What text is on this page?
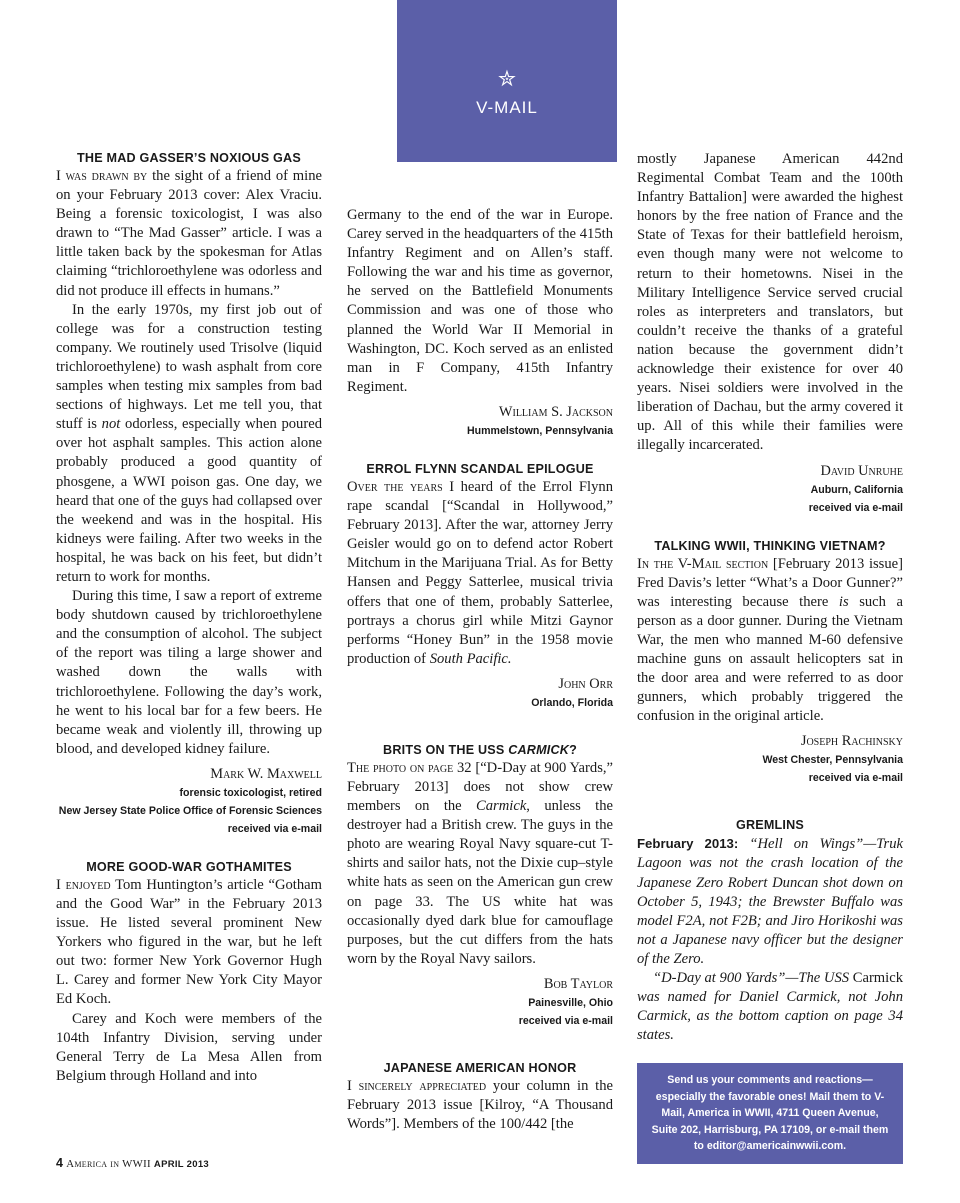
✮
V-MAIL
THE MAD GASSER’S NOXIOUS GAS

I was drawn by the sight of a friend of mine on your February 2013 cover: Alex Vraciu. Being a forensic toxicologist, I was also drawn to “The Mad Gasser” article. I was a little taken back by the spokesman for Atlas claiming “trichloroethylene was odorless and did not produce ill effects in humans.”

In the early 1970s, my first job out of college was for a construction testing company. We routinely used Trisolve (liquid trichloroethylene) to wash asphalt from core samples when testing mix samples from bad sections of highways. Let me tell you, that stuff is not odorless, especially when poured over hot asphalt samples. This action alone probably produced a good quantity of phosgene, a WWI poison gas. One day, we heard that one of the guys had collapsed over the weekend and was in the hospital. His kidneys were failing. After two weeks in the hospital, he was back on his feet, but didn’t return to work for months.

During this time, I saw a report of extreme body shutdown caused by trichloroethylene and the consumption of alcohol. The subject of the report was tiling a large shower and washed down the walls with trichloroethylene. Following the day’s work, he went to his local bar for a few beers. He became weak and violently ill, throwing up blood, and developed kidney failure.

Mark W. Maxwell
forensic toxicologist, retired
New Jersey State Police Office of Forensic Sciences
received via e-mail
MORE GOOD-WAR GOTHAMITES

I enjoyed Tom Huntington’s article “Gotham and the Good War” in the February 2013 issue. He listed several prominent New Yorkers who figured in the war, but he left out two: former New York Governor Hugh L. Carey and former New York City Mayor Ed Koch.

Carey and Koch were members of the 104th Infantry Division, serving under General Terry de La Mesa Allen from Belgium through Holland and into

Germany to the end of the war in Europe. Carey served in the headquarters of the 415th Infantry Regiment and on Allen’s staff. Following the war and his time as governor, he served on the Battlefield Monuments Commission and was one of those who planned the World War II Memorial in Washington, DC. Koch served as an enlisted man in F Company, 415th Infantry Regiment.

William S. Jackson
Hummelstown, Pennsylvania
ERROL FLYNN SCANDAL EPILOGUE

Over the years I heard of the Errol Flynn rape scandal [“Scandal in Hollywood,” February 2013]. After the war, attorney Jerry Geisler would go on to defend actor Robert Mitchum in the Marijuana Trial. As for Betty Hansen and Peggy Satterlee, musical trivia offers that one of them, probably Satterlee, portrays a chorus girl while Mitzi Gaynor performs “Honey Bun” in the 1958 movie production of South Pacific.

John Orr
Orlando, Florida
BRITS ON THE USS CARMICK?

The photo on page 32 [“D-Day at 900 Yards,” February 2013] does not show crew members on the Carmick, unless the destroyer had a British crew. The guys in the photo are wearing Royal Navy square-cut T-shirts and sailor hats, not the Dixie cup–style white hats as seen on the American gun crew on page 33. The US white hat was occasionally dyed dark blue for camouflage purposes, but the cut differs from the hats worn by the Royal Navy sailors.

Bob Taylor
Painesville, Ohio
received via e-mail
JAPANESE AMERICAN HONOR

I sincerely appreciated your column in the February 2013 issue [Kilroy, “A Thousand Words”]. Members of the 100/442 [the

mostly Japanese American 442nd Regimental Combat Team and the 100th Infantry Battalion] were awarded the highest honors by the free nation of France and the State of Texas for their battlefield heroism, even though many were not welcome to return to their hometowns. Nisei in the Military Intelligence Service served crucial roles as interpreters and translators, but couldn’t receive the thanks of a grateful nation because the government didn’t acknowledge their existence for over 40 years. Nisei soldiers were involved in the liberation of Dachau, but the army covered it up. All of this while their families were illegally incarcerated.

David Unruhe
Auburn, California
received via e-mail
TALKING WWII, THINKING VIETNAM?

In the V-Mail section [February 2013 issue] Fred Davis’s letter “What’s a Door Gunner?” was interesting because there is such a person as a door gunner. During the Vietnam War, the men who manned M-60 defensive machine guns on assault helicopters sat in the door area and were referred to as door gunners, which probably triggered the confusion in the original article.

Joseph Rachinsky
West Chester, Pennsylvania
received via e-mail
GREMLINS

February 2013: “Hell on Wings”—Truk Lagoon was not the crash location of the Japanese Zero Robert Duncan shot down on October 5, 1943; the Brewster Buffalo was model F2A, not F2B; and Jiro Horikoshi was not a Japanese navy officer but the designer of the Zero.

“D-Day at 900 Yards”—The USS Carmick was named for Daniel Carmick, not John Carmick, as the bottom caption on page 34 states.

Send us your comments and reactions—especially the favorable ones! Mail them to V-Mail, America in WWII, 4711 Queen Avenue, Suite 202, Harrisburg, PA 17109, or e-mail them to editor@americainwwii.com.
4 America in WWII APRIL 2013
